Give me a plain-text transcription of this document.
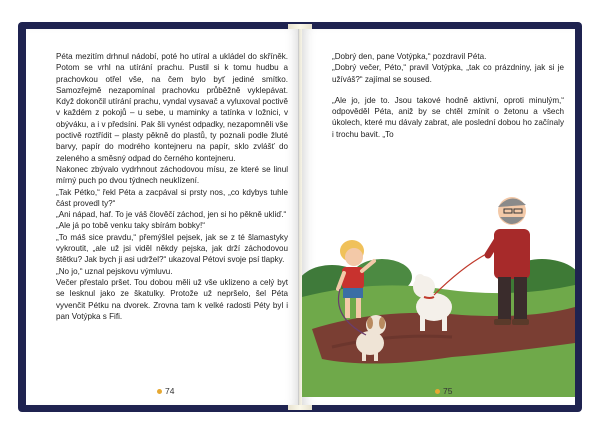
Péta mezitím drhnul nádobí, poté ho utíral a ukládel do skříněk. Potom se vrhl na utírání prachu. Pustil si k tomu hudbu a prachovkou otřel vše, na čem bylo byť jediné smítko. Samozřejmě nezapomínal prachovku průběžně vyklepávat. Když dokončil utírání prachu, vyndal vysavač a vyluxoval poctivě v každém z pokojů – u sebe, u maminky a tatínka v ložnici, v obýváku, a i v předsíni. Pak šli vynést odpadky, nezapomněli vše poctivě roztřídit – plasty pěkně do plastů, ty poznali podle žluté barvy, papír do modrého kontejneru na papír, sklo zvlášť do zeleného a směsný odpad do černého kontejneru.

Nakonec zbývalo vydrhnout záchodovou mísu, ze které se linul mírný puch po dvou týdnech neuklízení.

„Tak Pétko,“ řekl Péta a zacpával si prsty nos, „co kdybys tuhle část provedl ty?“

„Ani nápad, haf. To je váš člověčí záchod, jen si ho pěkně ukliď.“

„Ale já po tobě venku taky sbírám bobky!“

„To máš sice pravdu,“ přemýšlel pejsek, jak se z té šlamastyky vykroutit, „ale už jsi viděl někdy pejska, jak drží záchodovou štětku? Jak bych ji asi udržel?“ ukazoval Pétovi svoje psí tlapky.

„No jo,“ uznal pejskovu výmluvu.

Večer přestalo pršet. Tou dobou měli už vše uklizeno a celý byt se lesknul jako ze škatulky. Protože už nepršelo, šel Péta vyvenčit Pétku na dvorek. Zrovna tam k velké radosti Péty byl i pan Votýpka s Fifi.

74

„Dobrý den, pane Votýpka,“ pozdravil Péta.

„Dobrý večer, Péto,“ pravil Votýpka, „tak co prázdniny, jak si je užíváš?“ zajímal se soused.

„Ale jo, jde to. Jsou takové hodně aktivní, oproti minulým,“ odpověděl Péta, aniž by se chtěl zmínit o žetonu a všech úkolech, které mu dávaly zabrat, ale poslední dobou ho začínaly i trochu bavit. „To

75
